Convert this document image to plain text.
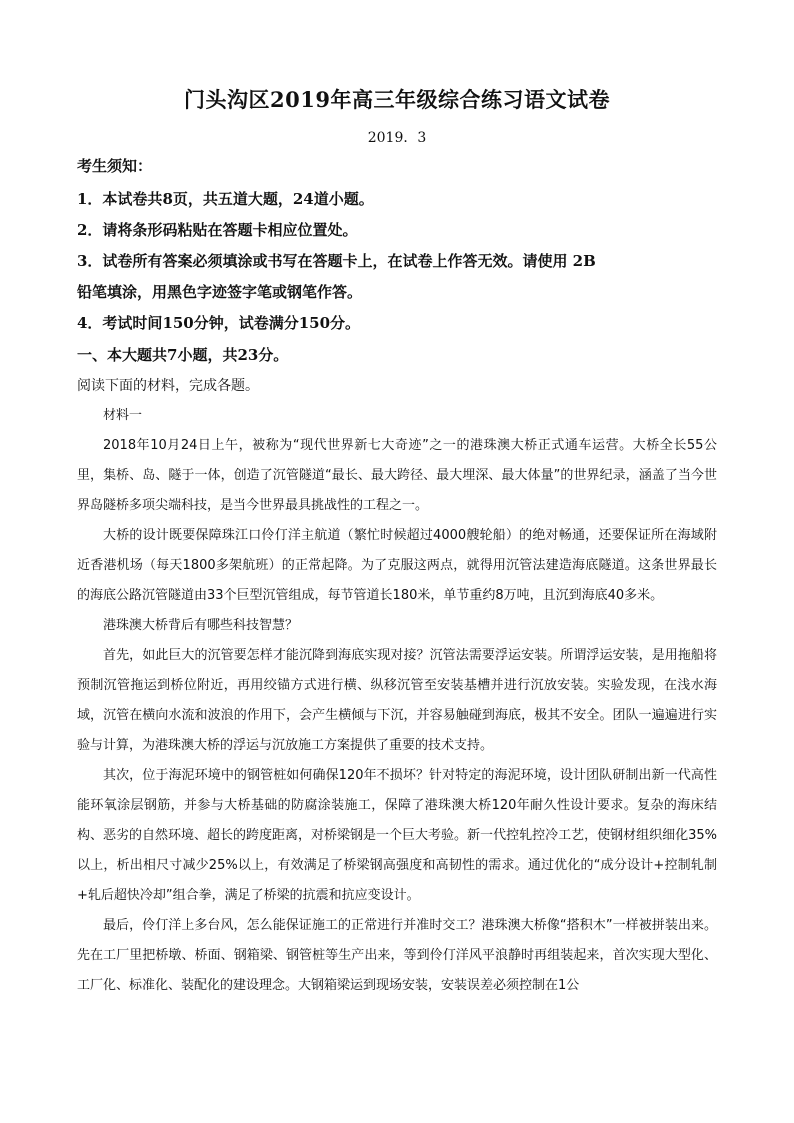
门头沟区2019年高三年级综合练习语文试卷
2019．3
考生须知：
1．本试卷共8页，共五道大题，24道小题。
2．请将条形码粘贴在答题卡相应位置处。
3．试卷所有答案必须填涂或书写在答题卡上，在试卷上作答无效。请使用 2B
铅笔填涂，用黑色字迹签字笔或钢笔作答。
4．考试时间150分钟，试卷满分150分。
一、本大题共7小题，共23分。
阅读下面的材料，完成各题。

材料一

2018年10月24日上午，被称为“现代世界新七大奇迹”之一的港珠澳大桥正式通车运营。大桥全长55公里，集桥、岛、隧于一体，创造了沉管隧道“最长、最大跨径、最大埋深、最大体量”的世界纪录，涵盖了当今世界岛隧桥多项尖端科技，是当今世界最具挑战性的工程之一。

大桥的设计既要保障珠江口伶仃洋主航道（繁忙时候超过4000艘轮船）的绝对畅通，还要保证所在海域附近香港机场（每天1800多架航班）的正常起降。为了克服这两点，就得用沉管法建造海底隧道。这条世界最长的海底公路沉管隧道由33个巨型沉管组成，每节管道长180米，单节重约8万吨，且沉到海底40多米。

港珠澳大桥背后有哪些科技智慧？

首先，如此巨大的沉管要怎样才能沉降到海底实现对接？沉管法需要浮运安装。所谓浮运安装，是用拖船将预制沉管拖运到桥位附近，再用绞锚方式进行横、纵移沉管至安装基槽并进行沉放安装。实验发现，在浅水海域，沉管在横向水流和波浪的作用下，会产生横倾与下沉，并容易触碰到海底，极其不安全。团队一遍遍进行实验与计算，为港珠澳大桥的浮运与沉放施工方案提供了重要的技术支持。

其次，位于海泥环境中的钢管桩如何确保120年不损坏？针对特定的海泥环境，设计团队研制出新一代高性能环氧涂层钢筋，并参与大桥基础的防腐涂装施工，保障了港珠澳大桥120年耐久性设计要求。复杂的海床结构、恶劣的自然环境、超长的跨度距离，对桥梁钢是一个巨大考验。新一代控轧控冷工艺，使钢材组织细化35%以上，析出相尺寸减少25%以上，有效满足了桥梁钢高强度和高韧性的需求。通过优化的“成分设计+控制轧制+轧后超快冷却”组合拳，满足了桥梁的抗震和抗应变设计。

最后，伶仃洋上多台风，怎么能保证施工的正常进行并准时交工？港珠澳大桥像“搭积木”一样被拼装出来。先在工厂里把桥墩、桥面、钢箱梁、钢管桩等生产出来，等到伶仃洋风平浪静时再组装起来，首次实现大型化、工厂化、标准化、装配化的建设理念。大钢箱梁运到现场安装，安装误差必须控制在1公
